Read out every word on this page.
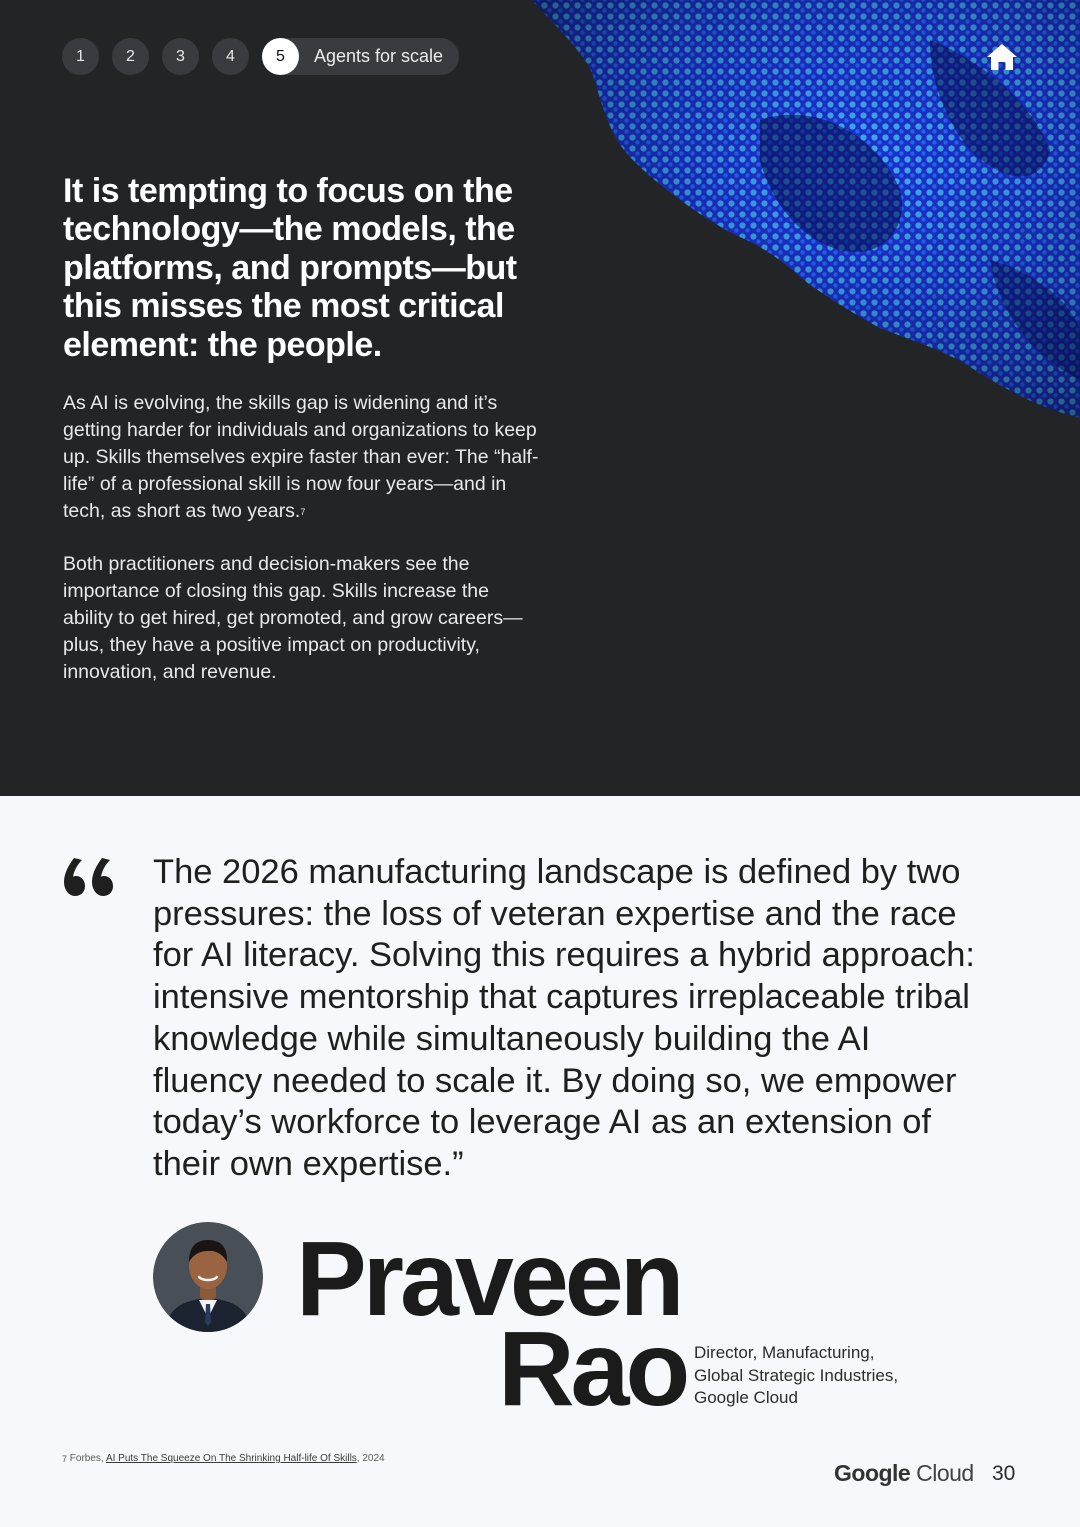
1	2	3	4	5	Agents for scale
It is tempting to focus on the technology—the models, the platforms, and prompts—but this misses the most critical element: the people.

As AI is evolving, the skills gap is widening and it’s getting harder for individuals and organizations to keep up. Skills themselves expire faster than ever: The “half-life” of a professional skill is now four years—and in tech, as short as two years.$^7$

Both practitioners and decision-makers see the importance of closing this gap. Skills increase the ability to get hired, get promoted, and grow careers—plus, they have a positive impact on productivity, innovation, and revenue.

The 2026 manufacturing landscape is defined by two pressures: the loss of veteran expertise and the race for AI literacy. Solving this requires a hybrid approach: intensive mentorship that captures irreplaceable tribal knowledge while simultaneously building the AI fluency needed to scale it. By doing so, we empower today’s workforce to leverage AI as an extension of their own expertise.”

Praveen
Rao Director, Manufacturing,
Global Strategic Industries,
Google Cloud
$^7$ Forbes, AI Puts The Squeeze On The Shrinking Half-life Of Skills, 2024
Google Cloud 30
